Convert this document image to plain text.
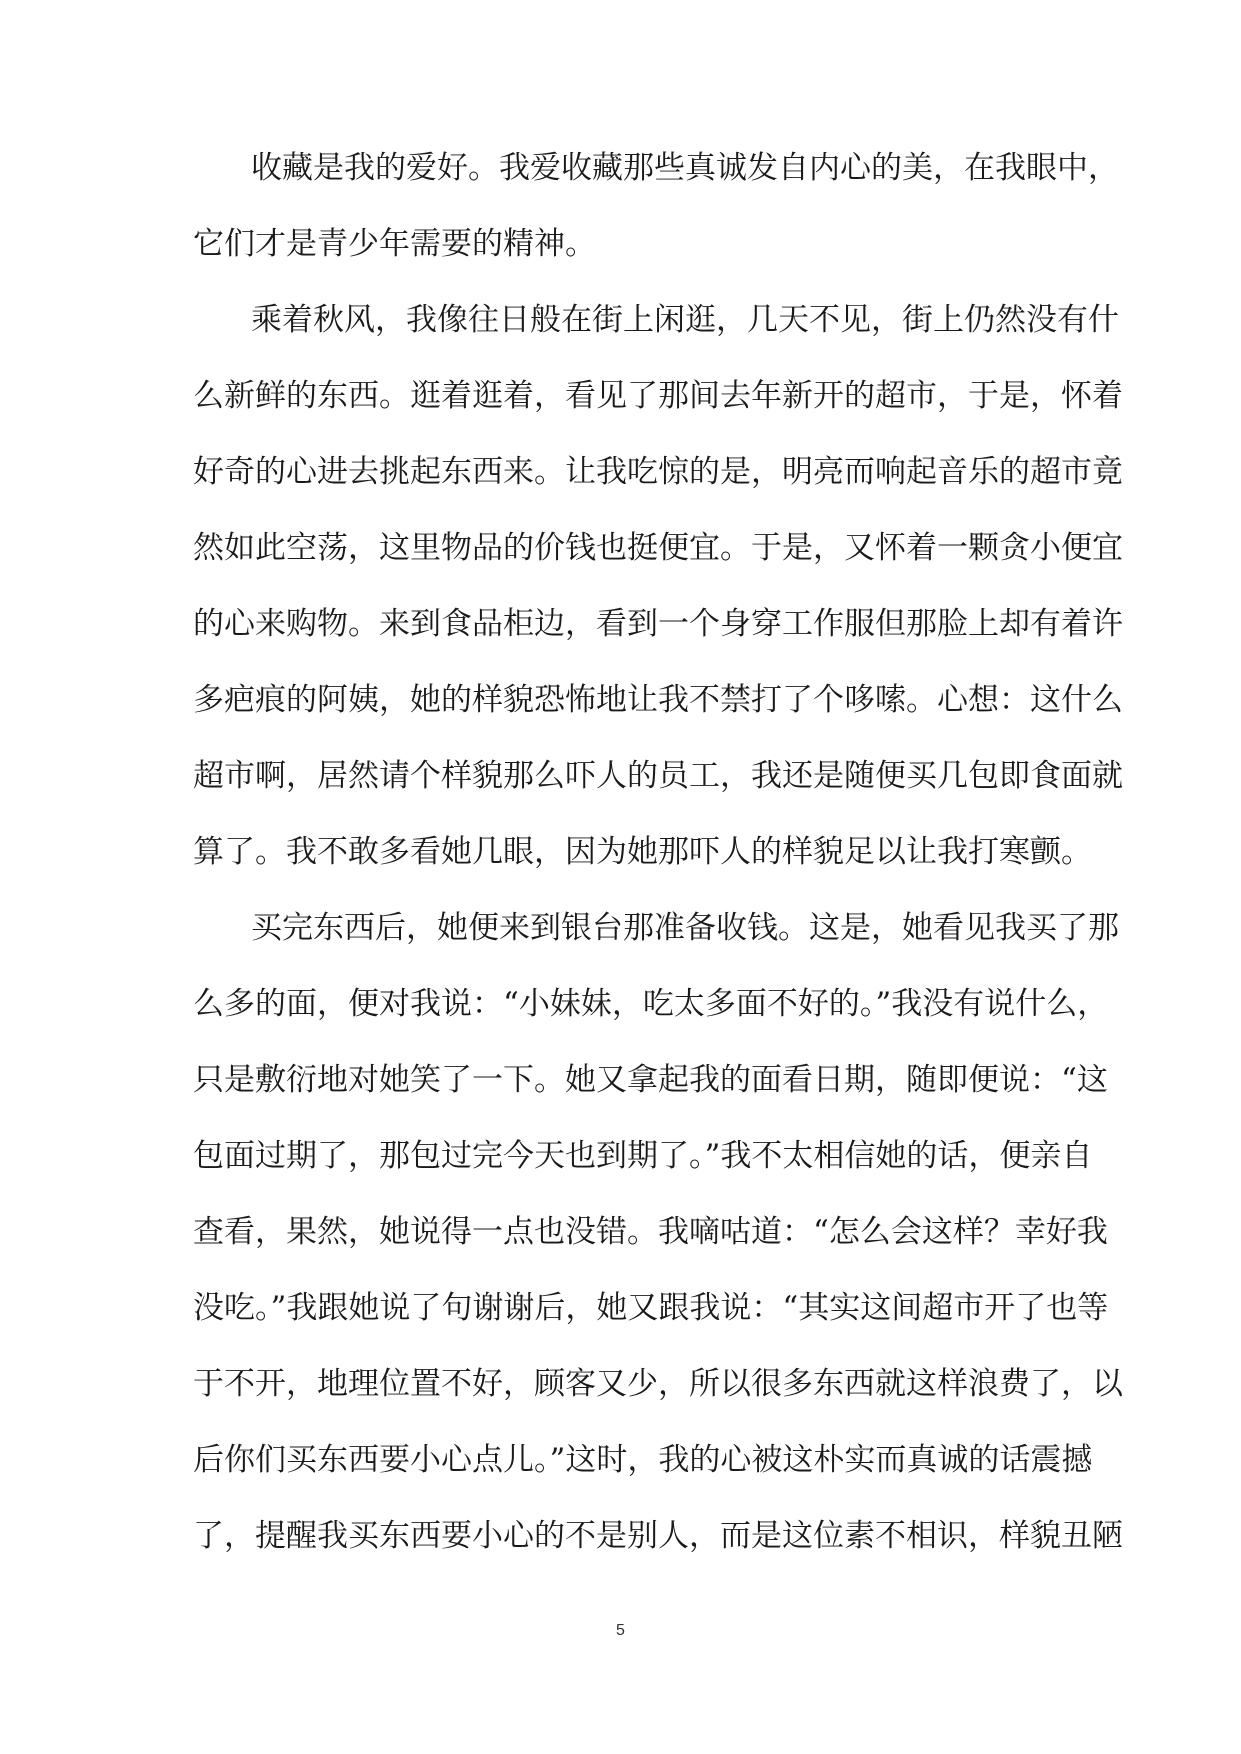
收藏是我的爱好。我爱收藏那些真诚发自内心的美，在我眼中，
它们才是青少年需要的精神。
乘着秋风，我像往日般在街上闲逛，几天不见，街上仍然没有什
么新鲜的东西。逛着逛着，看见了那间去年新开的超市，于是，怀着
好奇的心进去挑起东西来。让我吃惊的是，明亮而响起音乐的超市竟
然如此空荡，这里物品的价钱也挺便宜。于是，又怀着一颗贪小便宜
的心来购物。来到食品柜边，看到一个身穿工作服但那脸上却有着许
多疤痕的阿姨，她的样貌恐怖地让我不禁打了个哆嗦。心想：这什么
超市啊，居然请个样貌那么吓人的员工，我还是随便买几包即食面就
算了。我不敢多看她几眼，因为她那吓人的样貌足以让我打寒颤。
买完东西后，她便来到银台那准备收钱。这是，她看见我买了那
么多的面，便对我说：“小妹妹，吃太多面不好的。”我没有说什么，
只是敷衍地对她笑了一下。她又拿起我的面看日期，随即便说：“这
包面过期了，那包过完今天也到期了。”我不太相信她的话，便亲自
查看，果然，她说得一点也没错。我嘀咕道：“怎么会这样？幸好我
没吃。”我跟她说了句谢谢后，她又跟我说：“其实这间超市开了也等
于不开，地理位置不好，顾客又少，所以很多东西就这样浪费了，以
后你们买东西要小心点儿。”这时，我的心被这朴实而真诚的话震撼
了，提醒我买东西要小心的不是别人，而是这位素不相识，样貌丑陋
5
